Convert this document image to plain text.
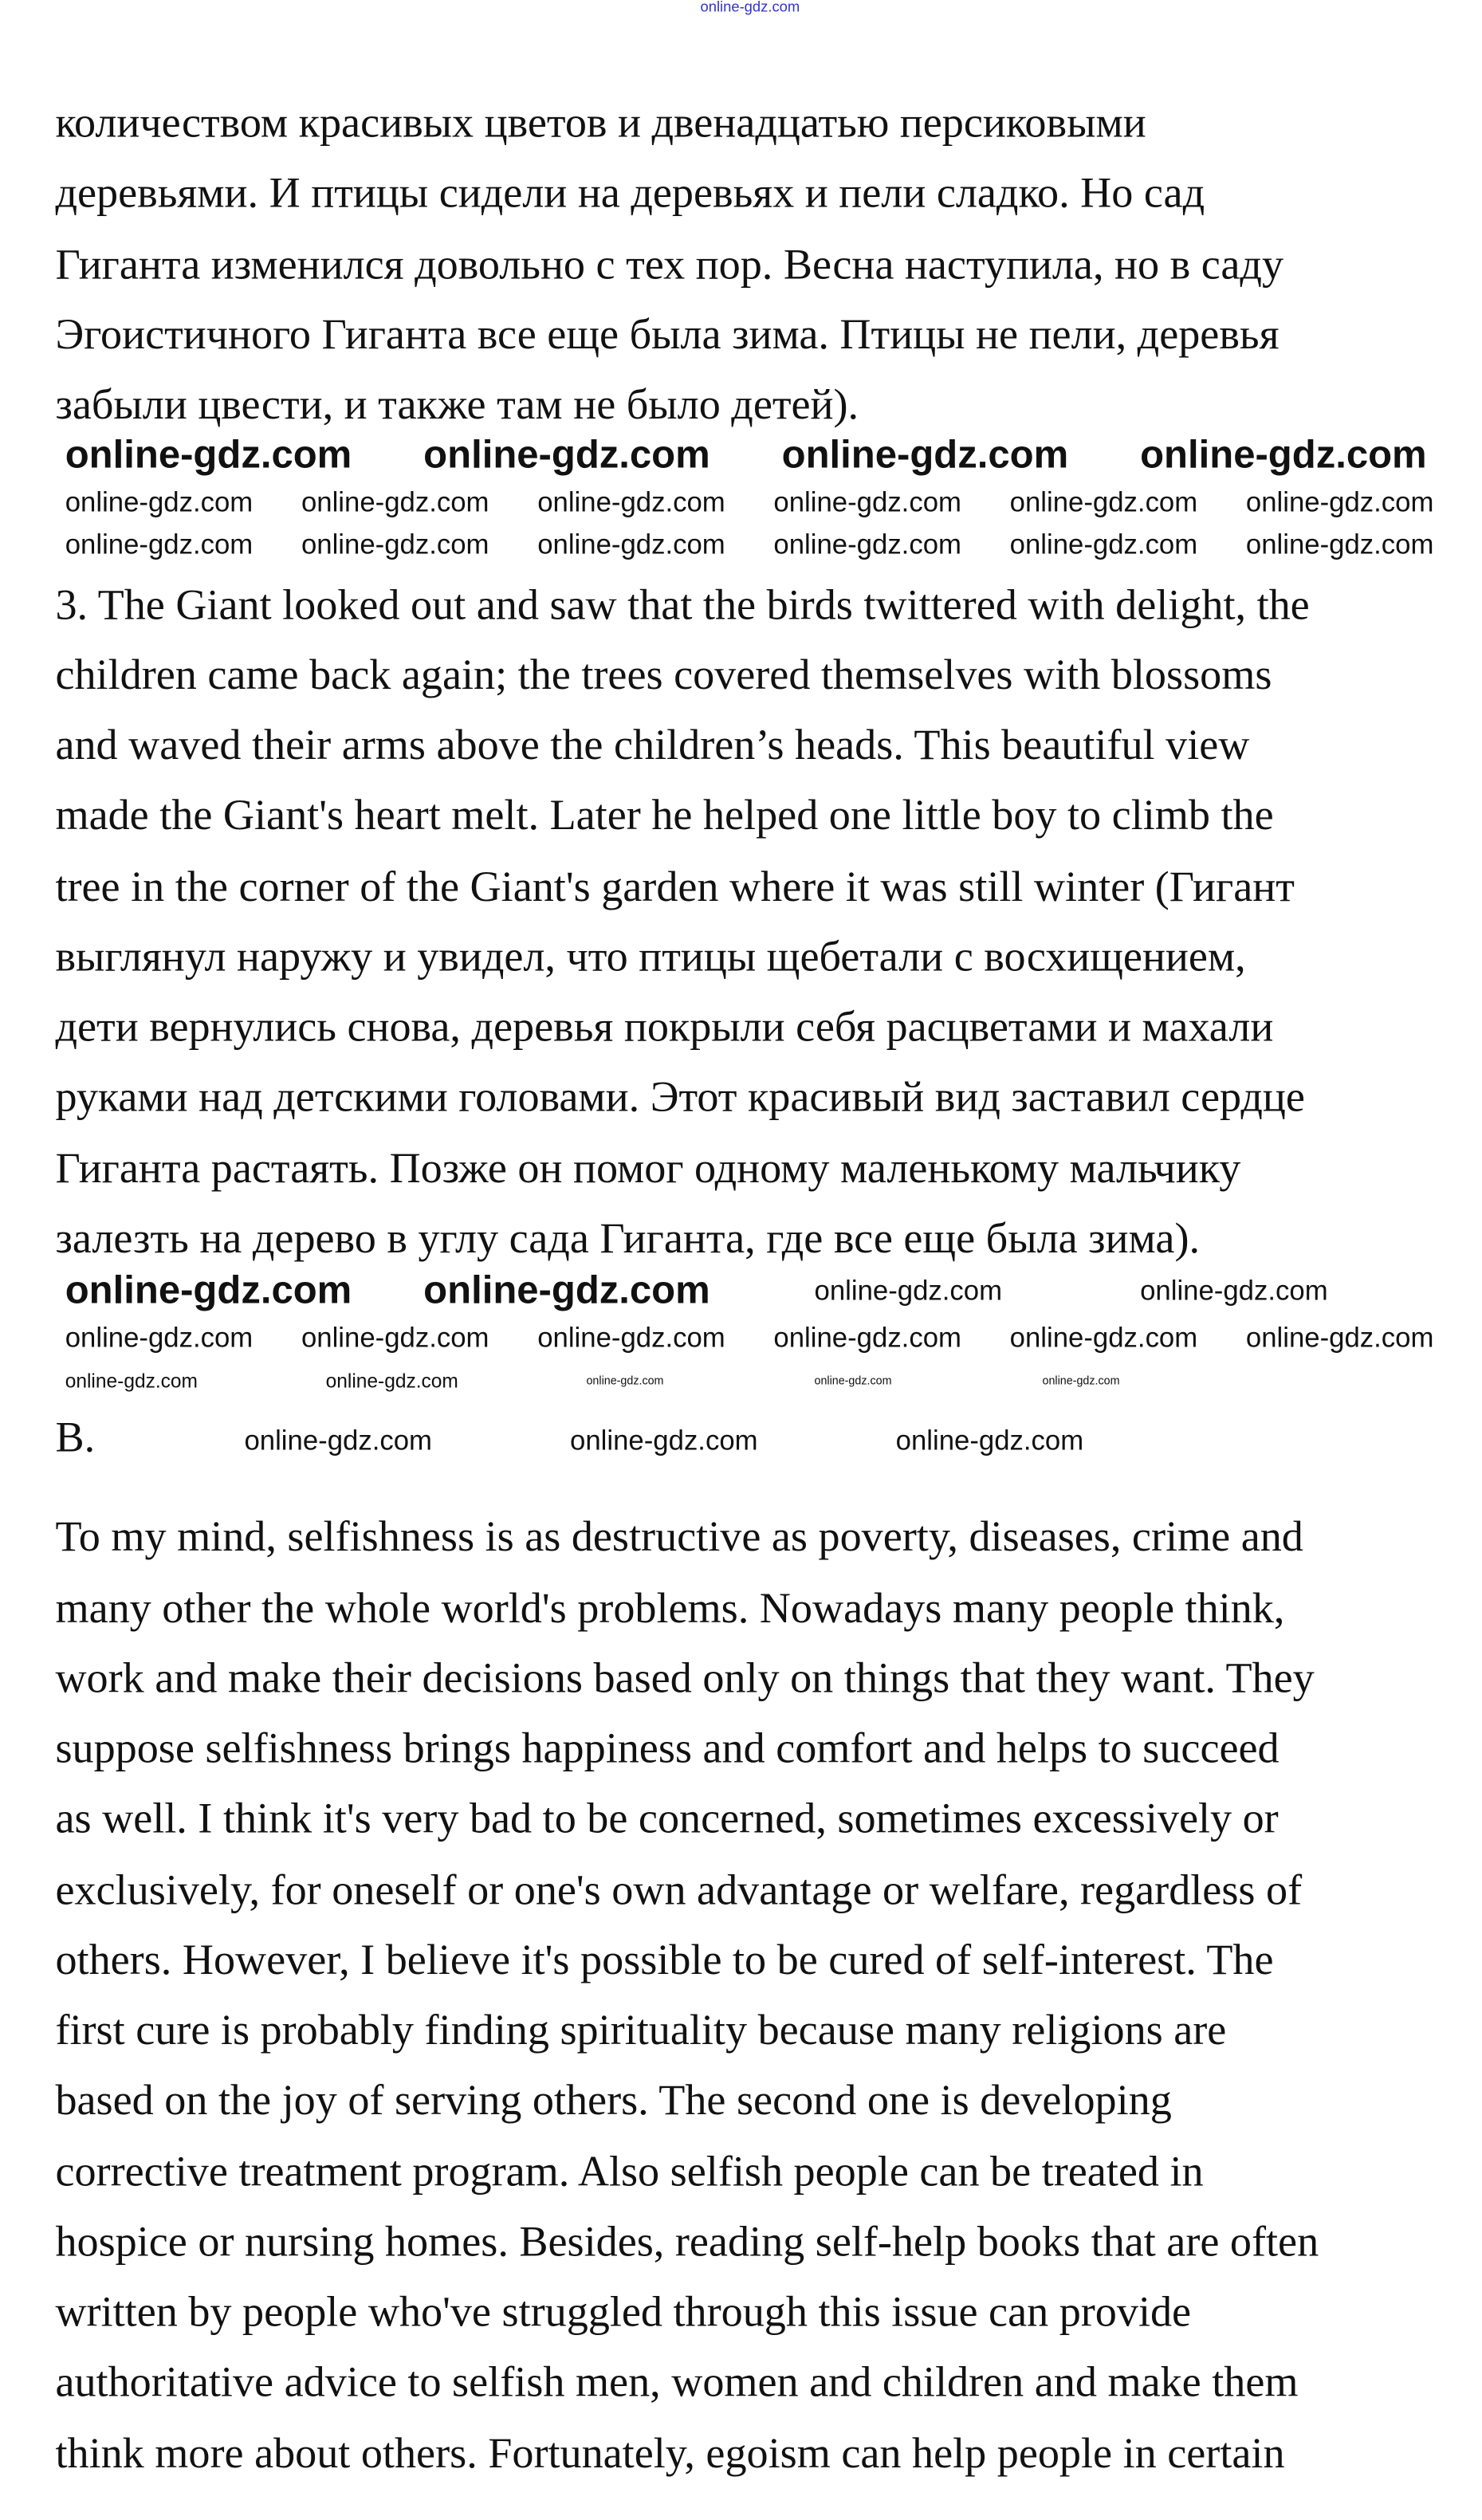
online-gdz.com
количеством красивых цветов и двенадцатью персиковыми
деревьями. И птицы сидели на деревьях и пели сладко. Но сад
Гиганта изменился довольно с тех пор. Весна наступила, но в саду
Эгоистичного Гиганта все еще была зима. Птицы не пели, деревья
забыли цвести, и также там не было детей).
3. The Giant looked out and saw that the birds twittered with delight, the
children came back again; the trees covered themselves with blossoms
and waved their arms above the children’s heads. This beautiful view
made the Giant's heart melt. Later he helped one little boy to climb the
tree in the corner of the Giant's garden where it was still winter (Гигант
выглянул наружу и увидел, что птицы щебетали с восхищением,
дети вернулись снова, деревья покрыли себя расцветами и махали
руками над детскими головами. Этот красивый вид заставил сердце
Гиганта растаять. Позже он помог одному маленькому мальчику
залезть на дерево в углу сада Гиганта, где все еще была зима).
B.
To my mind, selfishness is as destructive as poverty, diseases, crime and
many other the whole world's problems. Nowadays many people think,
work and make their decisions based only on things that they want. They
suppose selfishness brings happiness and comfort and helps to succeed
as well. I think it's very bad to be concerned, sometimes excessively or
exclusively, for oneself or one's own advantage or welfare, regardless of
others. However, I believe it's possible to be cured of self-interest. The
first cure is probably finding spirituality because many religions are
based on the joy of serving others. The second one is developing
corrective treatment program. Also selfish people can be treated in
hospice or nursing homes. Besides, reading self-help books that are often
written by people who've struggled through this issue can provide
authoritative advice to selfish men, women and children and make them
think more about others. Fortunately, egoism can help people in certain
online-gdz.com	online-gdz.com	online-gdz.com	online-gdz.com
online-gdz.com	online-gdz.com	online-gdz.com	online-gdz.com	online-gdz.com	online-gdz.com
online-gdz.com	online-gdz.com	online-gdz.com	online-gdz.com	online-gdz.com	online-gdz.com
online-gdz.com	online-gdz.com	online-gdz.com	online-gdz.com
online-gdz.com	online-gdz.com	online-gdz.com	online-gdz.com	online-gdz.com	online-gdz.com
online-gdz.com	online-gdz.com	online-gdz.com	online-gdz.com	online-gdz.com
online-gdz.com	online-gdz.com	online-gdz.com
